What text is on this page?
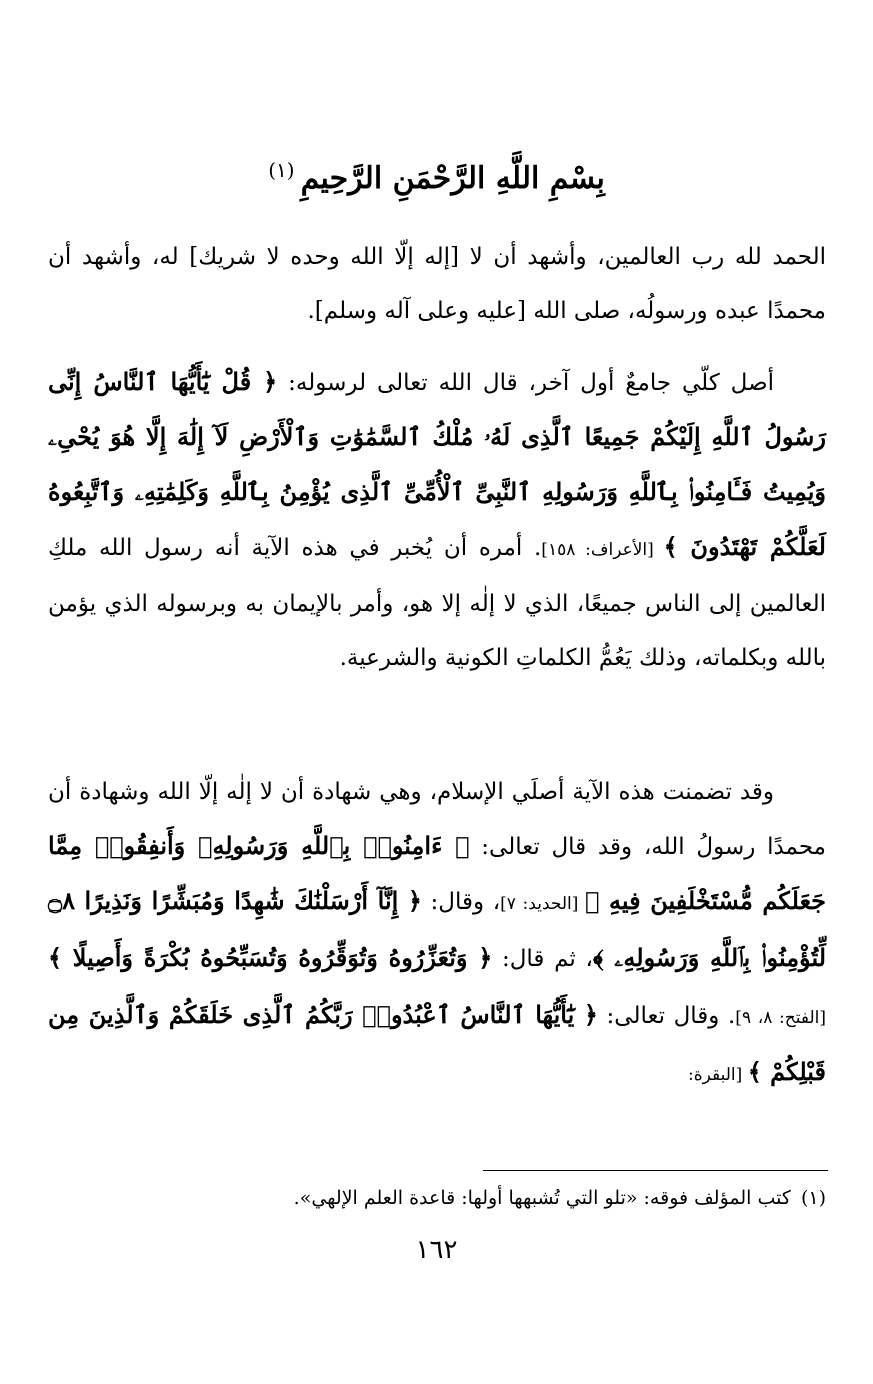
بِسْمِ اللَّهِ الرَّحْمَنِ الرَّحِيمِ$^{(١)}$

الحمد لله رب العالمين، وأشهد أن لا [إله إلّا الله وحده لا شريك] له، وأشهد أن محمدًا عبده ورسولُه، صلى الله [عليه وعلى آله وسلم].

أصل كلّي جامعٌ أول آخر، قال الله تعالى لرسوله: ﴿ قُلْ يَٰٓأَيُّهَا ٱلنَّاسُ إِنِّى رَسُولُ ٱللَّهِ إِلَيْكُمْ جَمِيعًا ٱلَّذِى لَهُۥ مُلْكُ ٱلسَّمَٰوَٰتِ وَٱلْأَرْضِ لَآ إِلَٰهَ إِلَّا هُوَ يُحْىِۦ وَيُمِيتُ فَـَٔامِنُوا۟ بِٱللَّهِ وَرَسُولِهِ ٱلنَّبِىِّ ٱلْأُمِّىِّ ٱلَّذِى يُؤْمِنُ بِٱللَّهِ وَكَلِمَٰتِهِۦ وَٱتَّبِعُوهُ لَعَلَّكُمْ تَهْتَدُونَ ﴾ [الأعراف: ١٥٨]. أمره أن يُخبر في هذه الآية أنه رسول الله ملكِ العالمين إلى الناس جميعًا، الذي لا إلٰه إلا هو، وأمر بالإيمان به وبرسوله الذي يؤمن بالله وبكلماته، وذلك يَعُمُّ الكلماتِ الكونية والشرعية.

وقد تضمنت هذه الآية أصلَي الإسلام، وهي شهادة أن لا إلٰه إلّا الله وشهادة أن محمدًا رسولُ الله، وقد قال تعالى: ﴿ ءَامِنُوا۟ بِٱللَّهِ وَرَسُولِهِۦ وَأَنفِقُوا۟ مِمَّا جَعَلَكُم مُّسْتَخْلَفِينَ فِيهِ ﴾ [الحديد: ٧]، وقال: ﴿ إِنَّآ أَرْسَلْنَٰكَ شَٰهِدًا وَمُبَشِّرًا وَنَذِيرًا ۝٨ لِّتُؤْمِنُوا۟ بِٱللَّهِ وَرَسُولِهِۦ ﴾، ثم قال: ﴿ وَتُعَزِّرُوهُ وَتُوَقِّرُوهُ وَتُسَبِّحُوهُ بُكْرَةً وَأَصِيلًا ﴾ [الفتح: ٨، ٩]. وقال تعالى: ﴿ يَٰٓأَيُّهَا ٱلنَّاسُ ٱعْبُدُوا۟ رَبَّكُمُ ٱلَّذِى خَلَقَكُمْ وَٱلَّذِينَ مِن قَبْلِكُمْ ﴾ [البقرة:

(١)كتب المؤلف فوقه: «تلو التي تُشبهها أولها: قاعدة العلم الإلهي».
١٦٢
